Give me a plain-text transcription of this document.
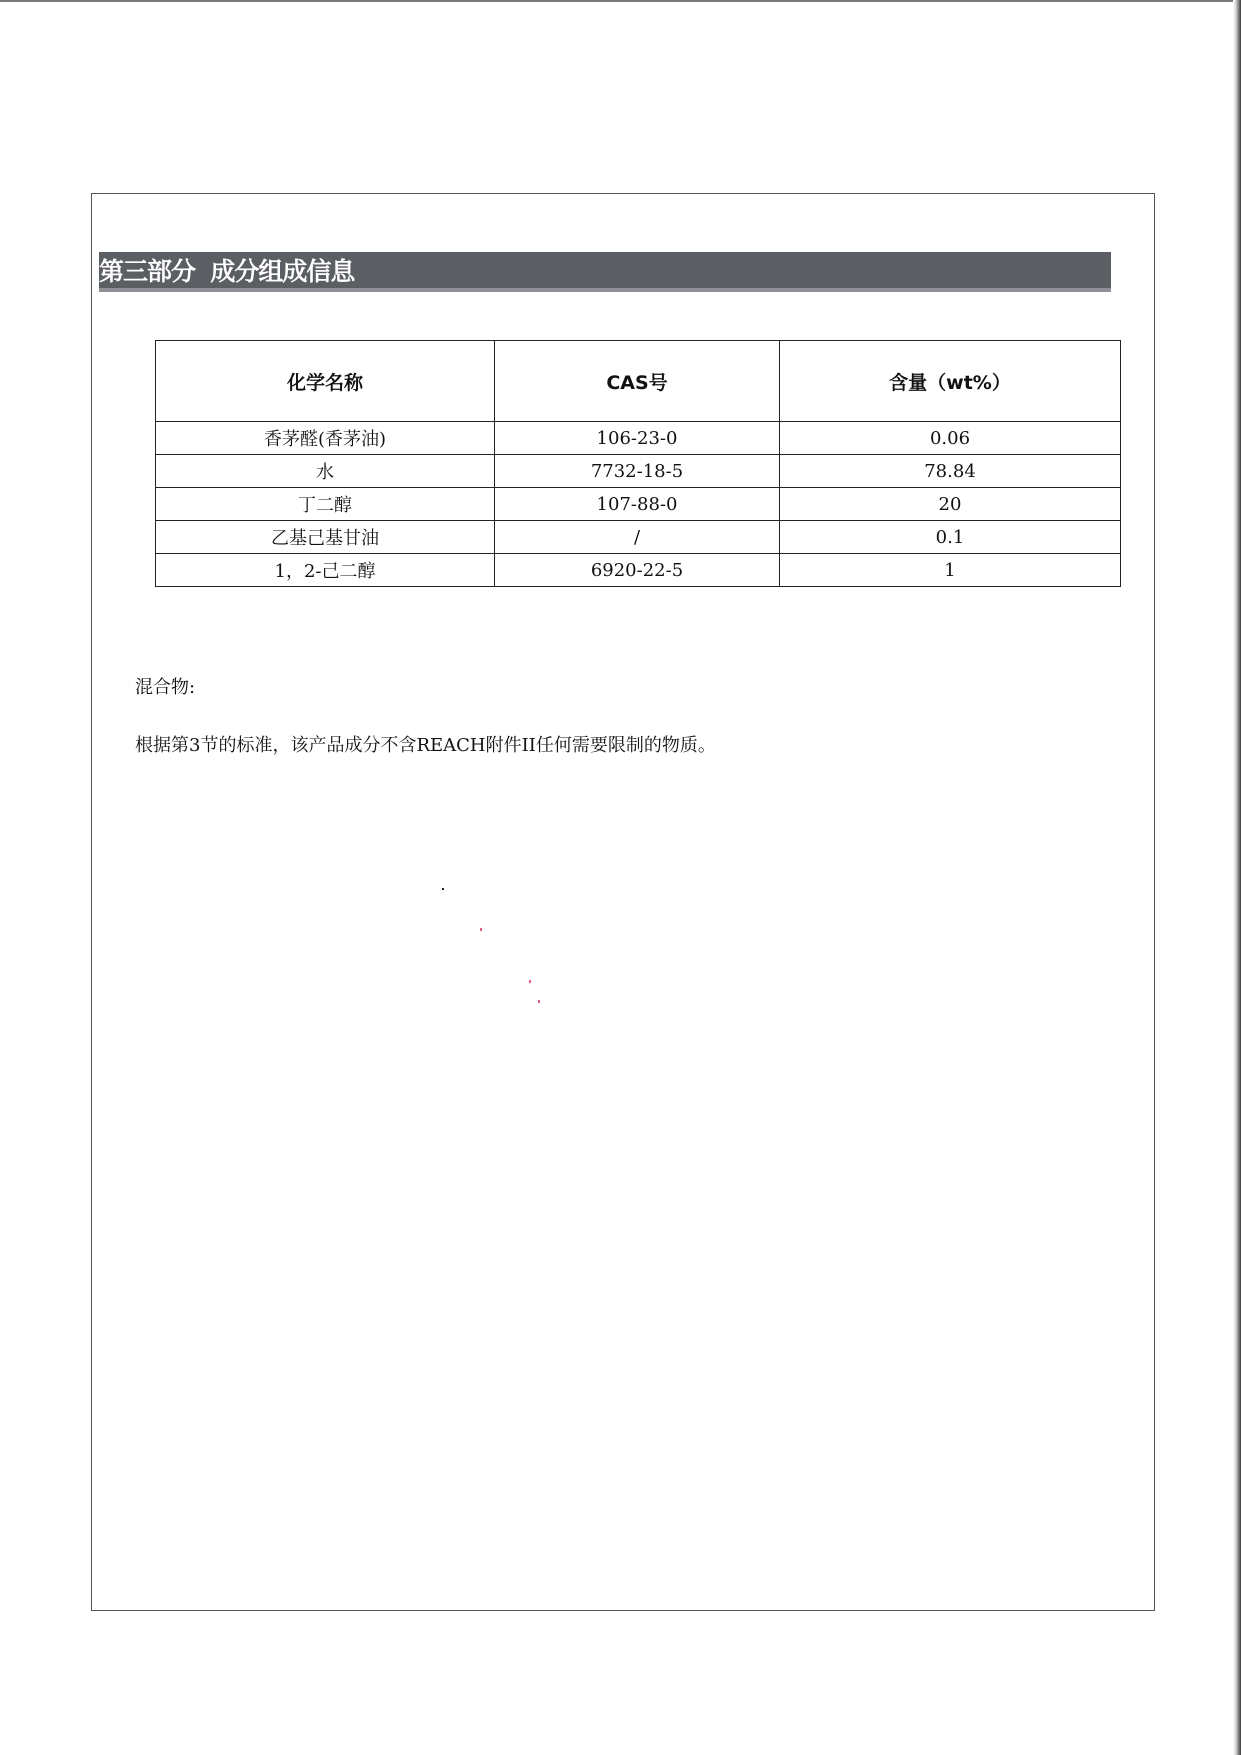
第三部分  成分组成信息
化学名称	CAS号	含量（wt%）
香茅醛(香茅油)	106-23-0	0.06
水	7732-18-5	78.84
丁二醇	107-88-0	20
乙基己基甘油	/	0.1
1，2-己二醇	6920-22-5	1
混合物:
根据第3节的标准，该产品成分不含REACH附件II任何需要限制的物质。
